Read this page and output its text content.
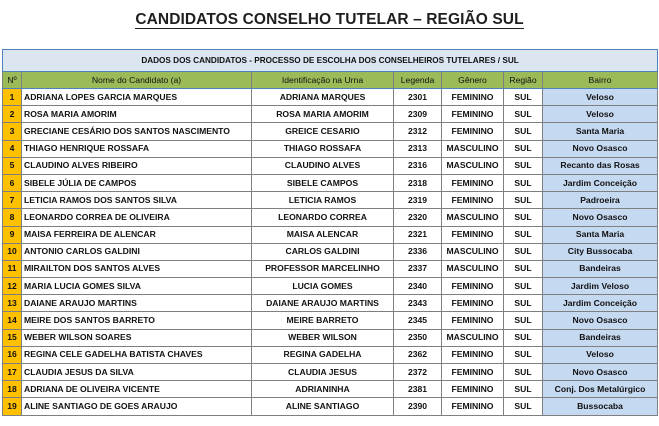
CANDIDATOS CONSELHO TUTELAR – REGIÃO SUL
DADOS DOS CANDIDATOS - PROCESSO DE ESCOLHA DOS CONSELHEIROS TUTELARES / SUL						
Nº	Nome do Candidato (a)	Identificação na Urna	Legenda	Gênero	Região	Bairro
1	ADRIANA LOPES GARCIA MARQUES	ADRIANA MARQUES	2301	FEMININO	SUL	Veloso
2	ROSA MARIA AMORIM	ROSA MARIA AMORIM	2309	FEMININO	SUL	Veloso
3	GRECIANE CESÁRIO DOS SANTOS NASCIMENTO	GREICE CESARIO	2312	FEMININO	SUL	Santa Maria
4	THIAGO HENRIQUE ROSSAFA	THIAGO ROSSAFA	2313	MASCULINO	SUL	Novo Osasco
5	CLAUDINO ALVES RIBEIRO	CLAUDINO ALVES	2316	MASCULINO	SUL	Recanto das Rosas
6	SIBELE JÚLIA DE CAMPOS	SIBELE CAMPOS	2318	FEMININO	SUL	Jardim Conceição
7	LETICIA RAMOS DOS SANTOS SILVA	LETICIA RAMOS	2319	FEMININO	SUL	Padroeira
8	LEONARDO CORREA DE OLIVEIRA	LEONARDO CORREA	2320	MASCULINO	SUL	Novo Osasco
9	MAISA FERREIRA DE ALENCAR	MAISA ALENCAR	2321	FEMININO	SUL	Santa Maria
10	ANTONIO CARLOS GALDINI	CARLOS GALDINI	2336	MASCULINO	SUL	City Bussocaba
11	MIRAILTON DOS SANTOS ALVES	PROFESSOR MARCELINHO	2337	MASCULINO	SUL	Bandeiras
12	MARIA LUCIA GOMES SILVA	LUCIA GOMES	2340	FEMININO	SUL	Jardim Veloso
13	DAIANE ARAUJO MARTINS	DAIANE ARAUJO MARTINS	2343	FEMININO	SUL	Jardim Conceição
14	MEIRE DOS SANTOS BARRETO	MEIRE BARRETO	2345	FEMININO	SUL	Novo Osasco
15	WEBER WILSON SOARES	WEBER WILSON	2350	MASCULINO	SUL	Bandeiras
16	REGINA CELE GADELHA BATISTA CHAVES	REGINA GADELHA	2362	FEMININO	SUL	Veloso
17	CLAUDIA JESUS DA SILVA	CLAUDIA JESUS	2372	FEMININO	SUL	Novo Osasco
18	ADRIANA DE OLIVEIRA VICENTE	ADRIANINHA	2381	FEMININO	SUL	Conj. Dos Metalúrgico
19	ALINE SANTIAGO DE GOES ARAUJO	ALINE SANTIAGO	2390	FEMININO	SUL	Bussocaba
